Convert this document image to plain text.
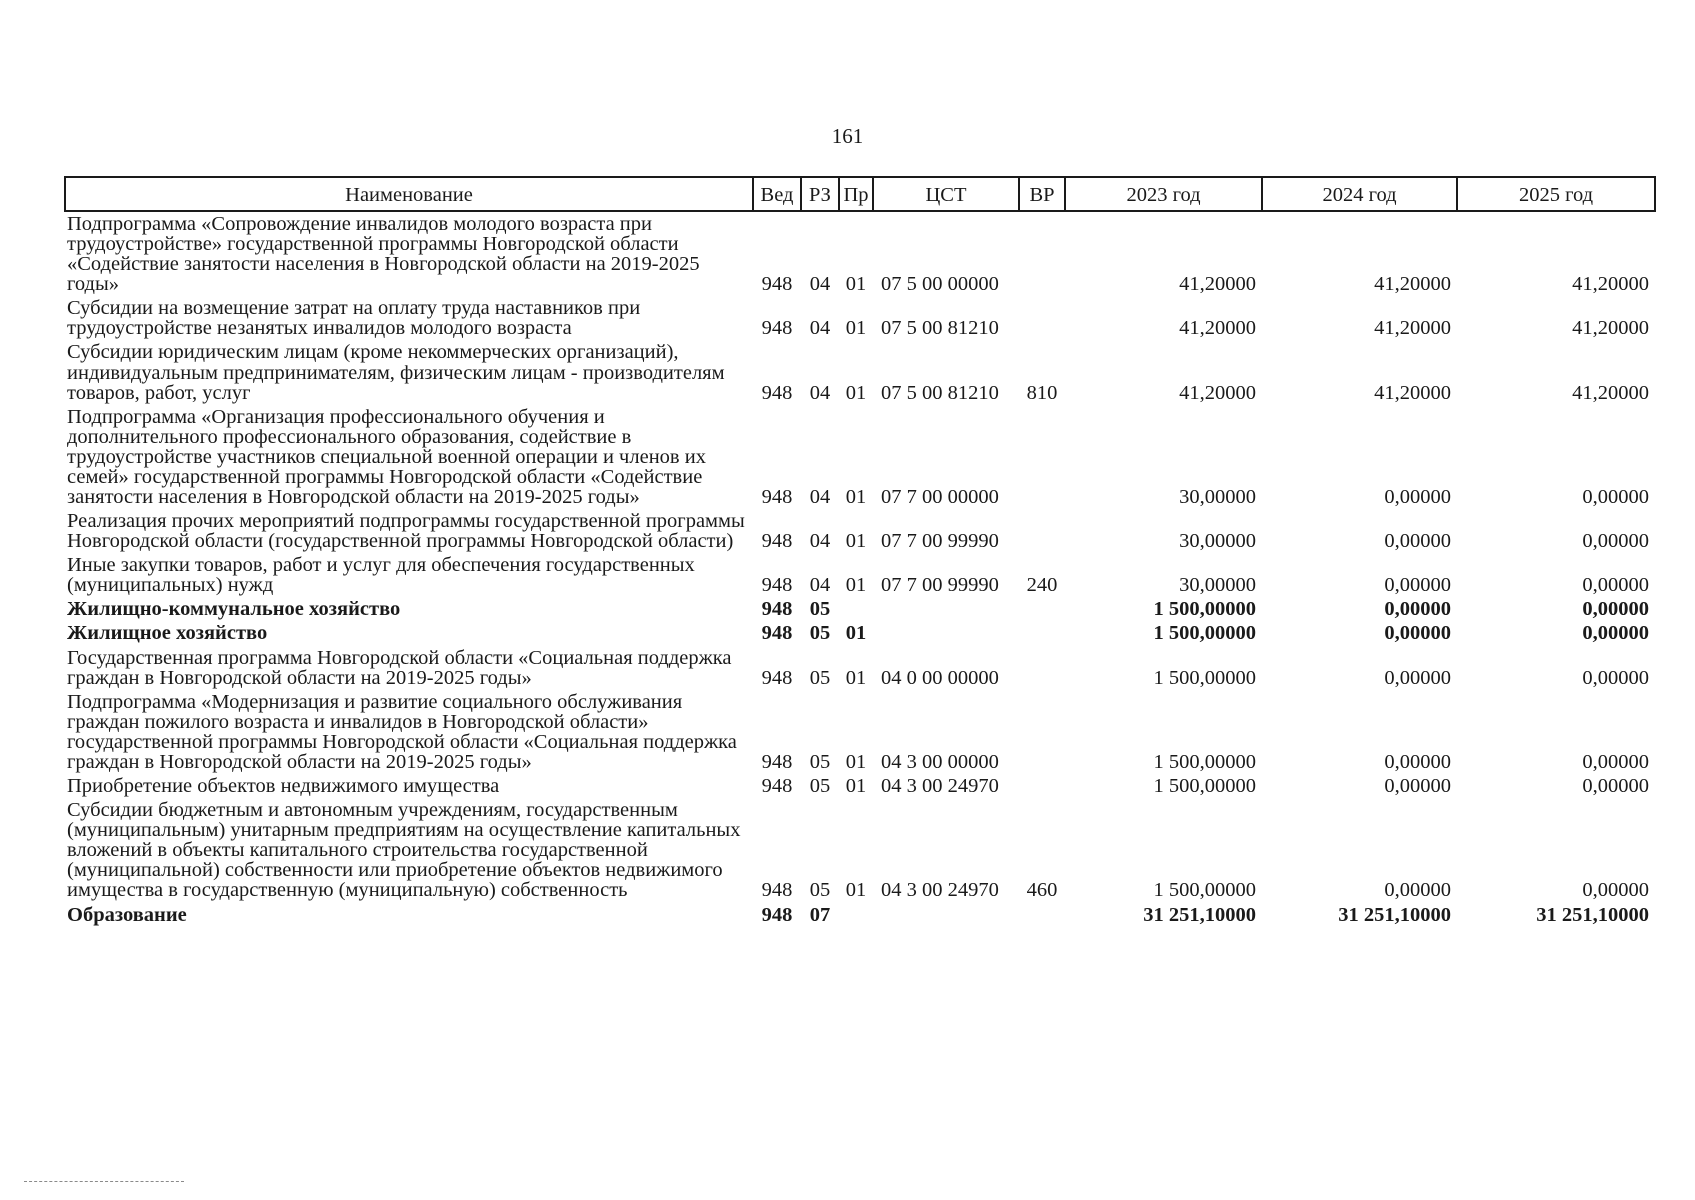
161
Наименование	Вед	РЗ	Пр	ЦСТ	ВР	2023 год	2024 год	2025 год
Подпрограмма «Сопровождение инвалидов молодого возраста при трудоустройстве» государственной программы Новгородской области «Содействие занятости населения в Новгородской области на 2019-2025 годы»	948	04	01	07 5 00 00000		41,20000	41,20000	41,20000
Субсидии на возмещение затрат на оплату труда наставников при трудоустройстве незанятых инвалидов молодого возраста	948	04	01	07 5 00 81210		41,20000	41,20000	41,20000
Субсидии юридическим лицам (кроме некоммерческих организаций), индивидуальным предпринимателям, физическим лицам - производителям товаров, работ, услуг	948	04	01	07 5 00 81210	810	41,20000	41,20000	41,20000
Подпрограмма «Организация профессионального обучения и дополнительного профессионального образования, содействие в трудоустройстве участников специальной военной операции и членов их семей» государственной программы Новгородской области «Содействие занятости населения в Новгородской области на 2019-2025 годы»	948	04	01	07 7 00 00000		30,00000	0,00000	0,00000
Реализация прочих мероприятий подпрограммы государственной программы Новгородской области (государственной программы Новгородской области)	948	04	01	07 7 00 99990		30,00000	0,00000	0,00000
Иные закупки товаров, работ и услуг для обеспечения государственных (муниципальных) нужд	948	04	01	07 7 00 99990	240	30,00000	0,00000	0,00000
Жилищно-коммунальное хозяйство	948	05				1 500,00000	0,00000	0,00000
Жилищное хозяйство	948	05	01			1 500,00000	0,00000	0,00000
Государственная программа Новгородской области «Социальная поддержка граждан в Новгородской области на 2019-2025 годы»	948	05	01	04 0 00 00000		1 500,00000	0,00000	0,00000
Подпрограмма «Модернизация и развитие социального обслуживания граждан пожилого возраста и инвалидов в Новгородской области» государственной программы Новгородской области «Социальная поддержка граждан в Новгородской области на 2019-2025 годы»	948	05	01	04 3 00 00000		1 500,00000	0,00000	0,00000
Приобретение объектов недвижимого имущества	948	05	01	04 3 00 24970		1 500,00000	0,00000	0,00000
Субсидии бюджетным и автономным учреждениям, государственным (муниципальным) унитарным предприятиям на осуществление капитальных вложений в объекты капитального строительства государственной (муниципальной) собственности или приобретение объектов недвижимого имущества в государственную (муниципальную) собственность	948	05	01	04 3 00 24970	460	1 500,00000	0,00000	0,00000
Образование	948	07				31 251,10000	31 251,10000	31 251,10000
